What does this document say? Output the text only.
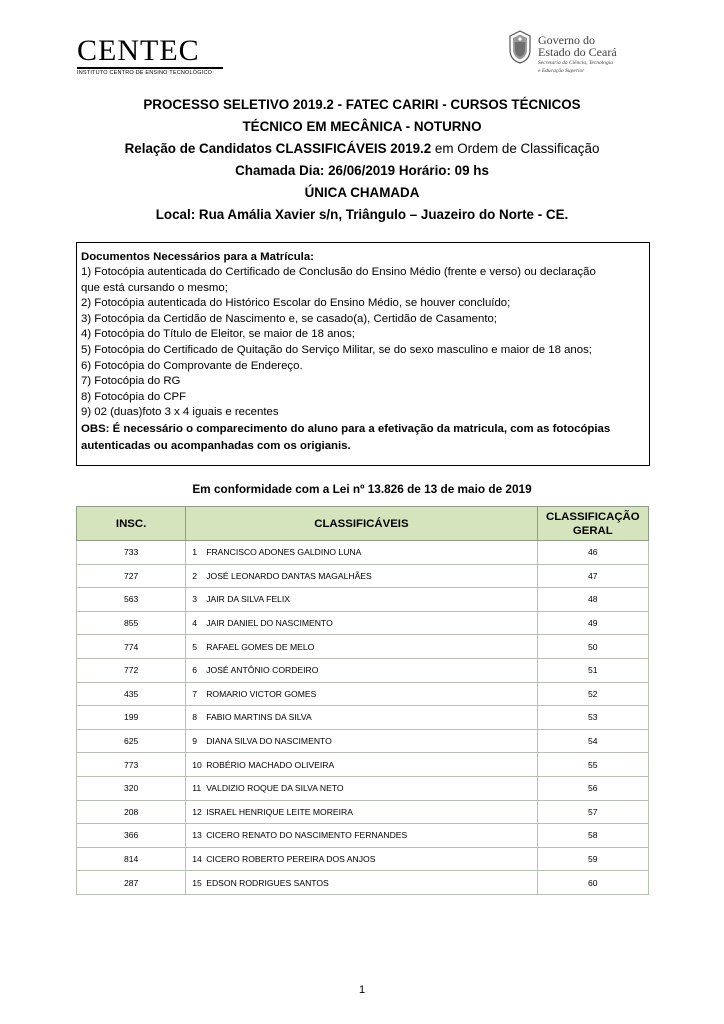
CENTEC
INSTITUTO CENTRO DE ENSINO TECNOLÓGICO
Governo do
Estado do Ceará
Secretaria da Ciência, Tecnologia
e Educação Superior
PROCESSO SELETIVO 2019.2 - FATEC CARIRI - CURSOS TÉCNICOS
TÉCNICO EM MECÂNICA - NOTURNO
Relação de Candidatos CLASSIFICÁVEIS 2019.2 em Ordem de Classificação
Chamada Dia: 26/06/2019 Horário: 09 hs
ÚNICA CHAMADA
Local: Rua Amália Xavier s/n, Triângulo – Juazeiro do Norte - CE.
Documentos Necessários para a Matrícula:
1) Fotocópia autenticada do Certificado de Conclusão do Ensino Médio (frente e verso) ou declaração
que está cursando o mesmo;
2) Fotocópia autenticada do Histórico Escolar do Ensino Médio, se houver concluído;
3) Fotocópia da Certidão de Nascimento e, se casado(a), Certidão de Casamento;
4) Fotocópia do Título de Eleitor, se maior de 18 anos;
5) Fotocópia do Certificado de Quitação do Serviço Militar, se do sexo masculino e maior de 18 anos;
6) Fotocópia do Comprovante de Endereço.
7) Fotocópia do RG
8) Fotocópia do CPF
9) 02 (duas)foto 3 x 4 iguais e recentes
OBS: É necessário o comparecimento do aluno para a efetivação da matricula, com as fotocópias
autenticadas ou acompanhadas com os origianis.
Em conformidade com a Lei nº 13.826 de 13 de maio de 2019
INSC.	CLASSIFICÁVEIS	CLASSIFICAÇÃO
GERAL

733	1 FRANCISCO ADONES GALDINO LUNA	46
727	2 JOSÉ LEONARDO DANTAS MAGALHÃES	47
563	3 JAIR DA SILVA FELIX	48
855	4 JAIR DANIEL DO NASCIMENTO	49
774	5 RAFAEL GOMES DE MELO	50
772	6 JOSÉ ANTÔNIO CORDEIRO	51
435	7 ROMARIO VICTOR GOMES	52
199	8 FABIO MARTINS DA SILVA	53
625	9 DIANA SILVA DO NASCIMENTO	54
773	10 ROBÉRIO MACHADO OLIVEIRA	55
320	11 VALDIZIO ROQUE DA SILVA NETO	56
208	12 ISRAEL HENRIQUE LEITE MOREIRA	57
366	13 CICERO RENATO DO NASCIMENTO FERNANDES	58
814	14 CICERO ROBERTO PEREIRA DOS ANJOS	59
287	15 EDSON RODRIGUES SANTOS	60
1
